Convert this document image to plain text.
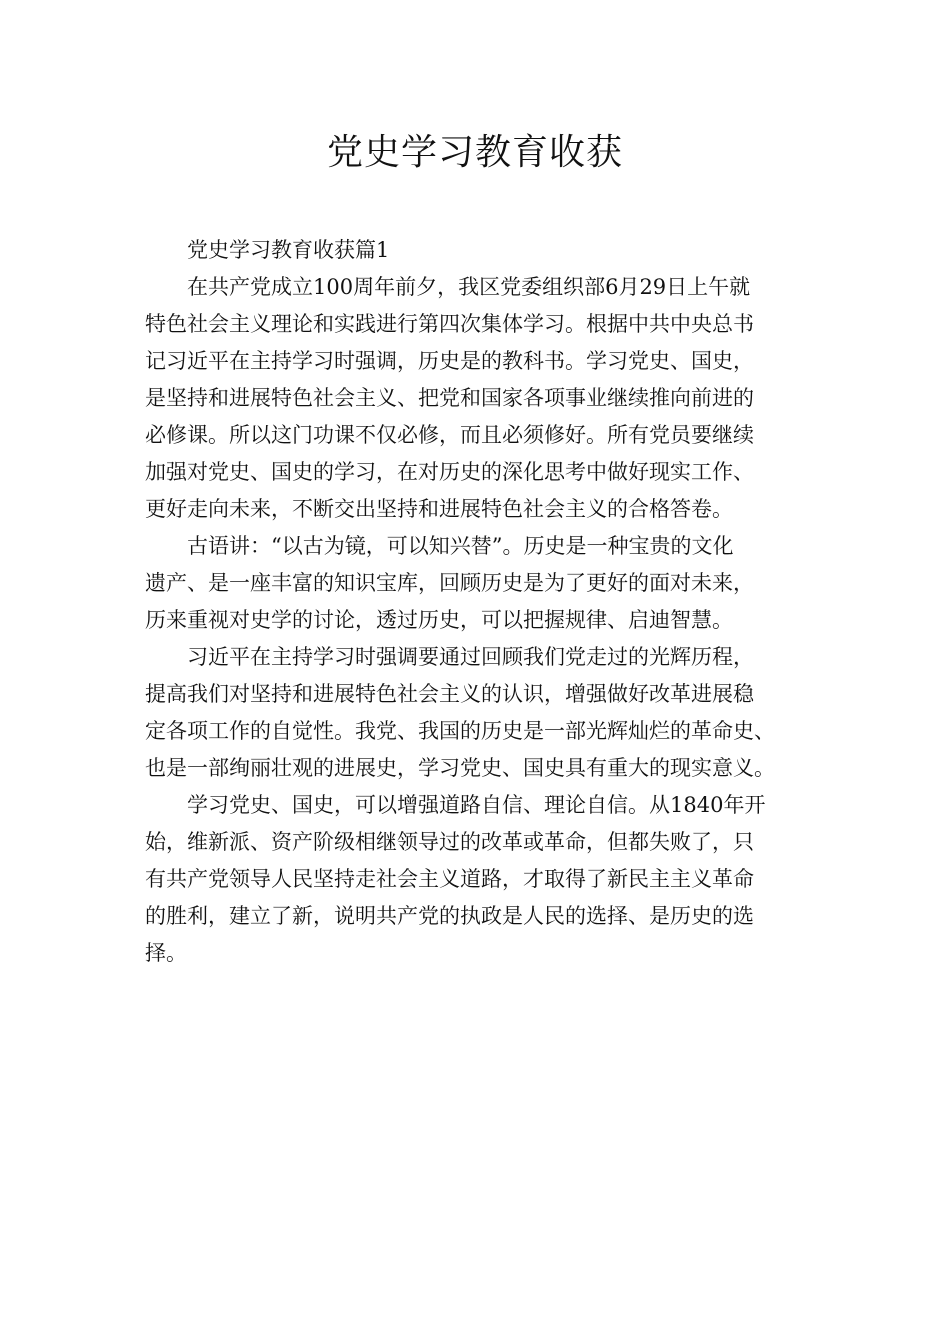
党史学习教育收获

党史学习教育收获篇1

在共产党成立100周年前夕，我区党委组织部6月29日上午就
特色社会主义理论和实践进行第四次集体学习。根据中共中央总书
记习近平在主持学习时强调，历史是的教科书。学习党史、国史，
是坚持和进展特色社会主义、把党和国家各项事业继续推向前进的
必修课。所以这门功课不仅必修，而且必须修好。所有党员要继续
加强对党史、国史的学习，在对历史的深化思考中做好现实工作、
更好走向未来，不断交出坚持和进展特色社会主义的合格答卷。

古语讲：“以古为镜，可以知兴替”。历史是一种宝贵的文化
遗产、是一座丰富的知识宝库，回顾历史是为了更好的面对未来，
历来重视对史学的讨论，透过历史，可以把握规律、启迪智慧。

习近平在主持学习时强调要通过回顾我们党走过的光辉历程，
提高我们对坚持和进展特色社会主义的认识，增强做好改革进展稳
定各项工作的自觉性。我党、我国的历史是一部光辉灿烂的革命史、
也是一部绚丽壮观的进展史，学习党史、国史具有重大的现实意义。

学习党史、国史，可以增强道路自信、理论自信。从1840年开
始，维新派、资产阶级相继领导过的改革或革命，但都失败了，只
有共产党领导人民坚持走社会主义道路，才取得了新民主主义革命
的胜利，建立了新，说明共产党的执政是人民的选择、是历史的选
择。
